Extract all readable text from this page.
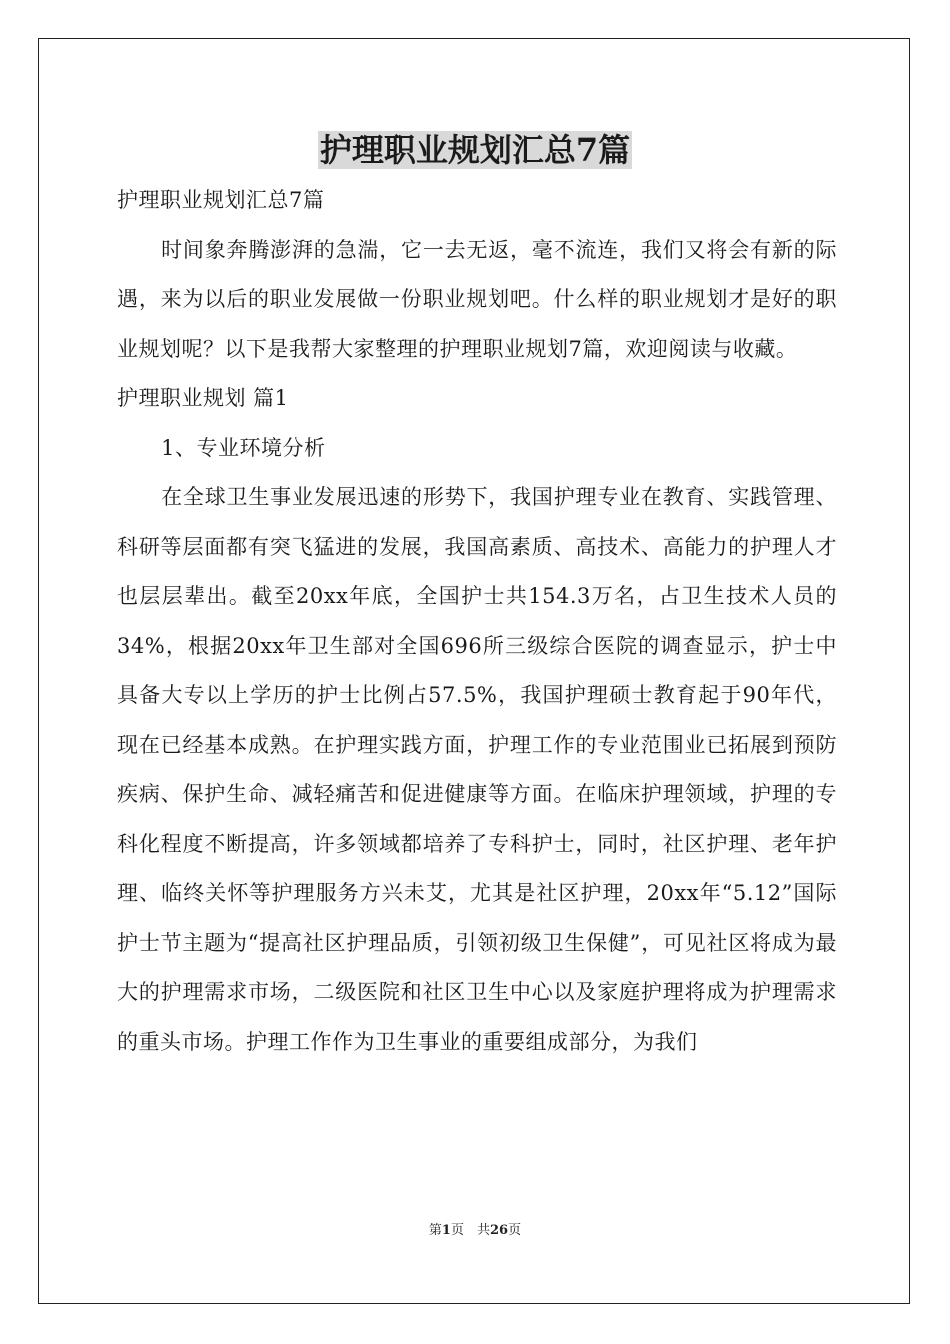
护理职业规划汇总7篇

护理职业规划汇总7篇

时间象奔腾澎湃的急湍，它一去无返，毫不流连，我们又将会有新的际遇，来为以后的职业发展做一份职业规划吧。什么样的职业规划才是好的职业规划呢？以下是我帮大家整理的护理职业规划7篇，欢迎阅读与收藏。

护理职业规划 篇1

1、专业环境分析

在全球卫生事业发展迅速的形势下，我国护理专业在教育、实践管理、科研等层面都有突飞猛进的发展，我国高素质、高技术、高能力的护理人才也层层辈出。截至20xx年底，全国护士共154.3万名，占卫生技术人员的34%，根据20xx年卫生部对全国696所三级综合医院的调查显示，护士中具备大专以上学历的护士比例占57.5%，我国护理硕士教育起于90年代，现在已经基本成熟。在护理实践方面，护理工作的专业范围业已拓展到预防疾病、保护生命、减轻痛苦和促进健康等方面。在临床护理领域，护理的专科化程度不断提高，许多领域都培养了专科护士，同时，社区护理、老年护理、临终关怀等护理服务方兴未艾，尤其是社区护理，20xx年“5.12”国际护士节主题为“提高社区护理品质，引领初级卫生保健”，可见社区将成为最大的护理需求市场，二级医院和社区卫生中心以及家庭护理将成为护理需求的重头市场。护理工作作为卫生事业的重要组成部分，为我们

第1页　共26页
